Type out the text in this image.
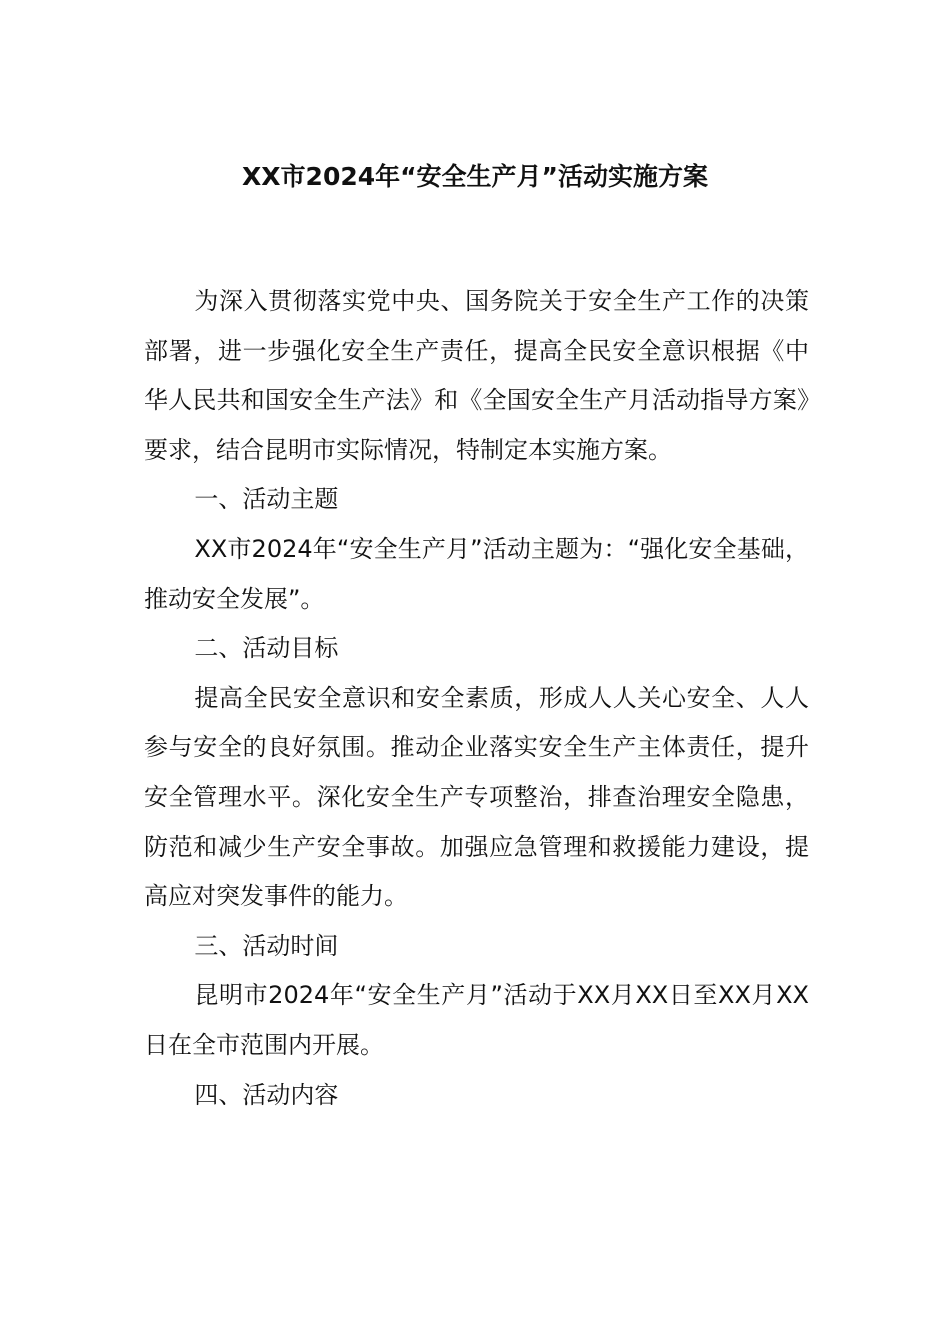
XX市2024年“安全生产月”活动实施方案

为深入贯彻落实党中央、国务院关于安全生产工作的决策部署，进一步强化安全生产责任，提高全民安全意识根据《中华人民共和国安全生产法》和《全国安全生产月活动指导方案》要求，结合昆明市实际情况，特制定本实施方案。

一、活动主题

XX市2024年“安全生产月”活动主题为：“强化安全基础，推动安全发展”。

二、活动目标

提高全民安全意识和安全素质，形成人人关心安全、人人参与安全的良好氛围。推动企业落实安全生产主体责任，提升安全管理水平。深化安全生产专项整治，排查治理安全隐患，防范和减少生产安全事故。加强应急管理和救援能力建设，提高应对突发事件的能力。

三、活动时间

昆明市2024年“安全生产月”活动于XX月XX日至XX月XX日在全市范围内开展。

四、活动内容
